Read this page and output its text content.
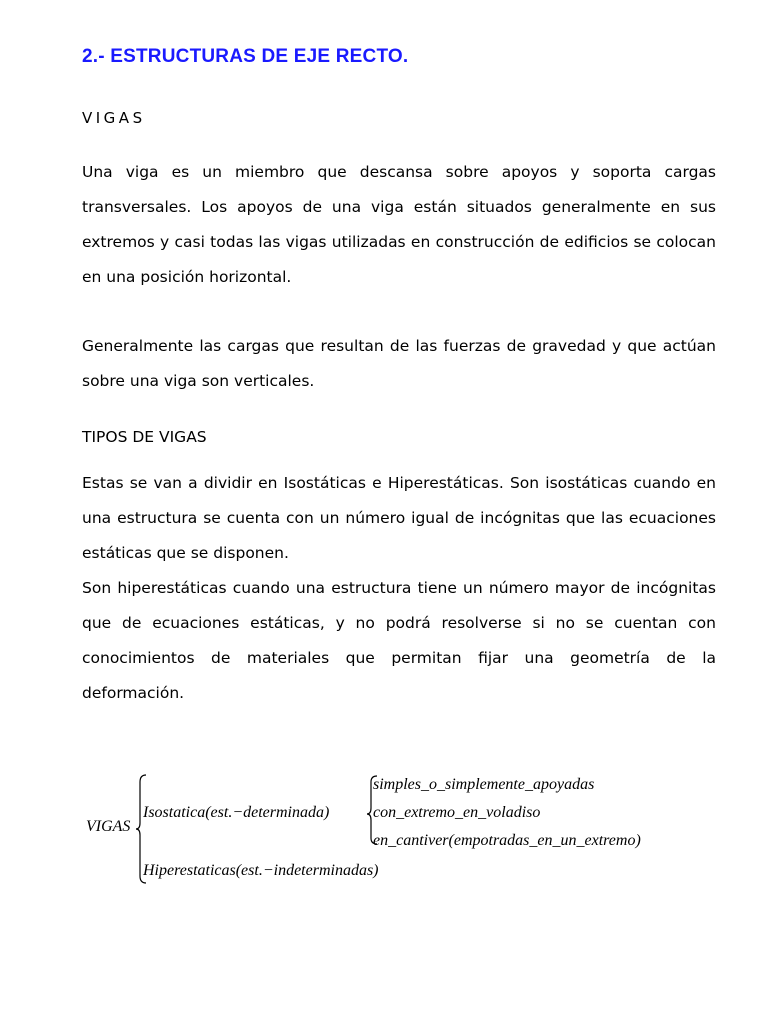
2.- ESTRUCTURAS DE EJE RECTO.
VIGAS

Una viga es un miembro que descansa sobre apoyos y soporta cargas transversales. Los apoyos de una viga están situados generalmente en sus extremos y casi todas las vigas utilizadas en construcción de edificios se colocan en una posición horizontal.

Generalmente las cargas que resultan de las fuerzas de gravedad y que actúan sobre una viga son verticales.

TIPOS DE VIGAS

Estas se van a dividir en Isostáticas e Hiperestáticas. Son isostáticas cuando en una estructura se cuenta con un número igual de incógnitas que las ecuaciones estáticas que se disponen.

Son hiperestáticas cuando una estructura tiene un número mayor de incógnitas que de ecuaciones estáticas, y no podrá resolverse si no se cuentan con conocimientos de materiales que permitan fijar una geometría de la deformación.

VIGAS
Isostatica(est.−determinada)
simples_o_simplemente_apoyadas
con_extremo_en_voladiso
en_cantiver(empotradas_en_un_extremo)
Hiperestaticas(est.−indeterminadas)
